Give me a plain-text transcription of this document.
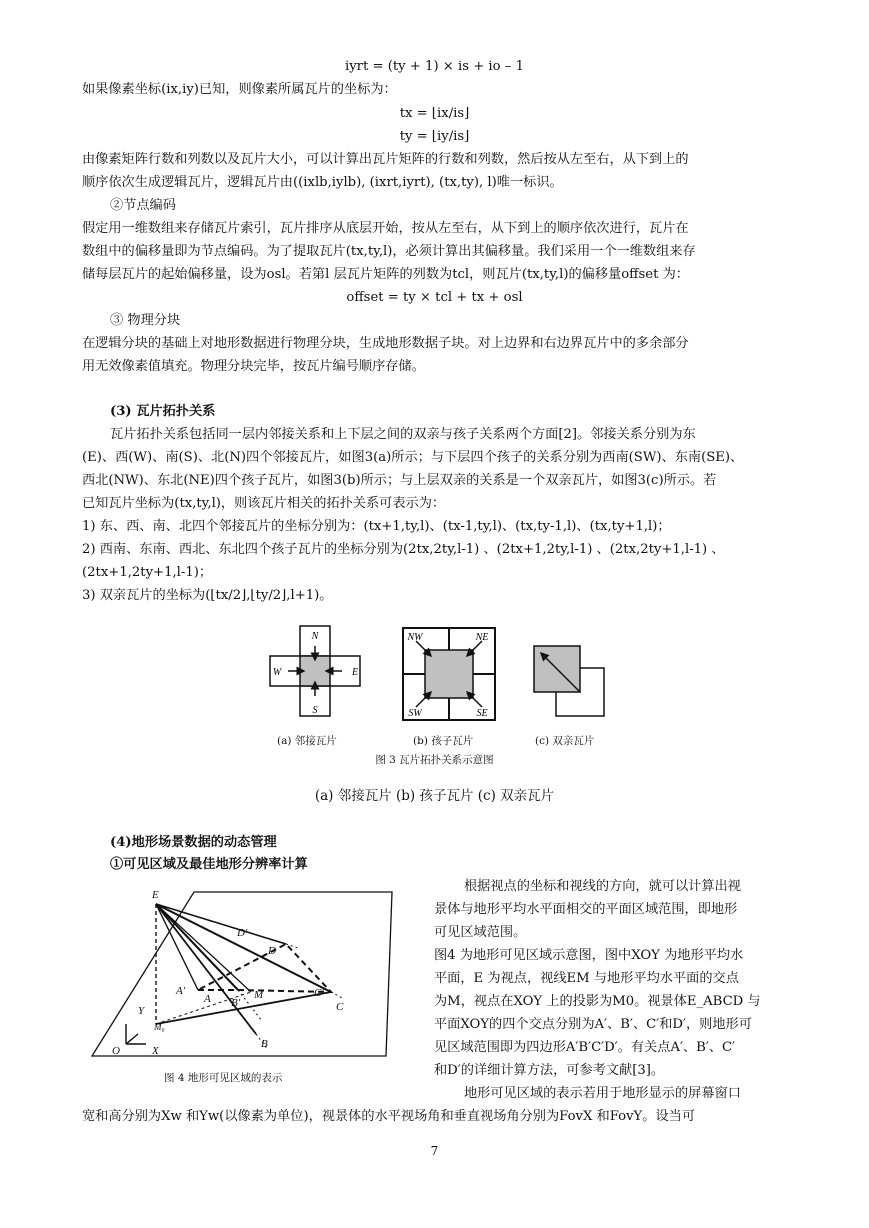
iyrt = (ty + 1) × is + io – 1
如果像素坐标(ix,iy)已知，则像素所属瓦片的坐标为：
tx = ⌊ix/is⌋
ty = ⌊iy/is⌋
由像素矩阵行数和列数以及瓦片大小，可以计算出瓦片矩阵的行数和列数，然后按从左至右，从下到上的
顺序依次生成逻辑瓦片，逻辑瓦片由((ixlb,iylb), (ixrt,iyrt), (tx,ty), l)唯一标识。
②节点编码
假定用一维数组来存储瓦片索引，瓦片排序从底层开始，按从左至右，从下到上的顺序依次进行，瓦片在
数组中的偏移量即为节点编码。为了提取瓦片(tx,ty,l)，必须计算出其偏移量。我们采用一个一维数组来存
储每层瓦片的起始偏移量，设为osl。若第l 层瓦片矩阵的列数为tcl，则瓦片(tx,ty,l)的偏移量offset 为：
offset = ty × tcl + tx + osl
③ 物理分块
在逻辑分块的基础上对地形数据进行物理分块，生成地形数据子块。对上边界和右边界瓦片中的多余部分
用无效像素值填充。物理分块完毕，按瓦片编号顺序存储。
(3) 瓦片拓扑关系
瓦片拓扑关系包括同一层内邻接关系和上下层之间的双亲与孩子关系两个方面[2]。邻接关系分别为东
(E)、西(W)、南(S)、北(N)四个邻接瓦片，如图3(a)所示；与下层四个孩子的关系分别为西南(SW)、东南(SE)、
西北(NW)、东北(NE)四个孩子瓦片，如图3(b)所示；与上层双亲的关系是一个双亲瓦片，如图3(c)所示。若
已知瓦片坐标为(tx,ty,l)，则该瓦片相关的拓扑关系可表示为：
1) 东、西、南、北四个邻接瓦片的坐标分别为：(tx+1,ty,l)、(tx-1,ty,l)、(tx,ty-1,l)、(tx,ty+1,l)；
2) 西南、东南、西北、东北四个孩子瓦片的坐标分别为(2tx,2ty,l-1) 、(2tx+1,2ty,l-1) 、(2tx,2ty+1,l-1) 、
(2tx+1,2ty+1,l-1)；
3) 双亲瓦片的坐标为(⌊tx/2⌋,⌊ty/2⌋,l+1)。
N
S
W	E
NW	NE
SW	SE
(a) 邻接瓦片	(b) 孩子瓦片	(c) 双亲瓦片
图 3 瓦片拓扑关系示意图
(a) 邻接瓦片 (b) 孩子瓦片 (c) 双亲瓦片
(4)地形场景数据的动态管理
①可见区域及最佳地形分辨率计算
根据视点的坐标和视线的方向，就可以计算出视
景体与地形平均水平面相交的平面区域范围，即地形
可见区域范围。
图4 为地形可见区域示意图，图中XOY 为地形平均水
平面，E 为视点，视线EM 与地形平均水平面的交点
为M，视点在XOY 上的投影为M0。视景体E_ABCD 与
平面XOY的四个交点分别为A′、B′、C′和D′，则地形可
见区域范围即为四边形A′B′C′D′。有关点A′、B′、C′
和D′的详细计算方法，可参考文献[3]。
地形可见区域的表示若用于地形显示的屏幕窗口
宽和高分别为Xw 和Yw(以像素为单位)，视景体的水平视场角和垂直视场角分别为FovX 和FovY。设当可
E
D′
D
A′
A B′
M	C′
C
Y
M₀
O	X
B
图 4 地形可见区域的表示
7
